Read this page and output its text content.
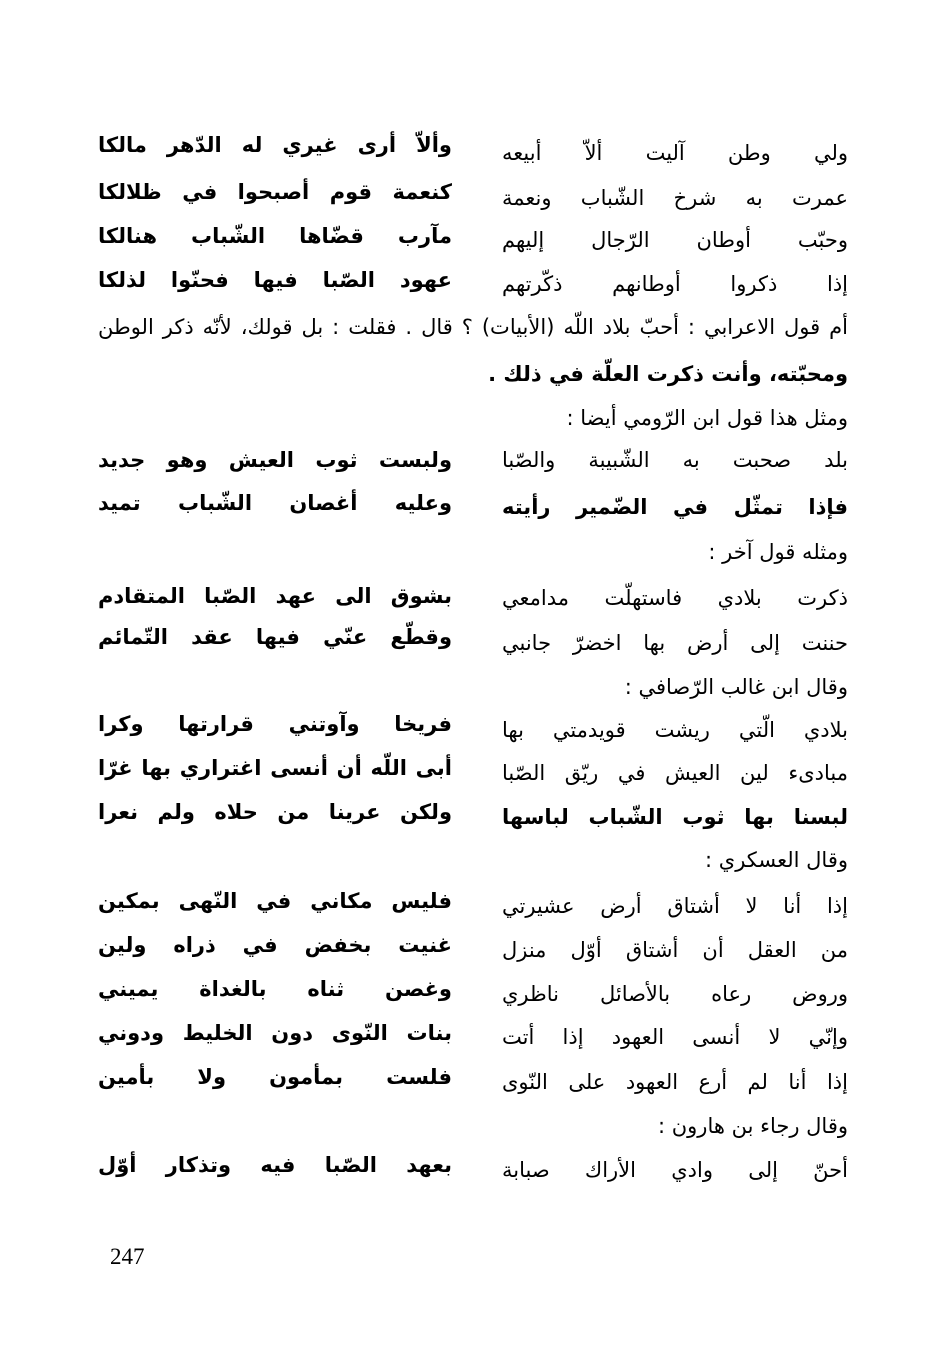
ولي وطن آليت ألاّ أبيعه
وألاّ أرى غيري له الدّهر مالكا
عمرت به شرخ الشّباب ونعمة
كنعمة قوم أصبحوا في ظلالكا
وحبّب أوطان الرّجال إليهم
مآرب قضّاها الشّباب هنالكا
إذا ذكروا أوطانهم ذكّرتهم
عهود الصّبا فيها فحنّوا لذلكا
أم قول الاعرابي : أحبّ بلاد اللّه (الأبيات) ؟ قال . فقلت : بل قولك، لأنّه ذكر الوطن
ومحبّته، وأنت ذكرت العلّة في ذلك .
ومثل هذا قول ابن الرّومي أيضا :
بلد صحبت به الشّبيبة والصّبا
ولبست ثوب العيش وهو جديد
فإذا تمثّل في الضّمير رأيته
وعليه أغصان الشّباب تميد
ومثله قول آخر :
ذكرت بلادي فاستهلّت مدامعي
بشوق الى عهد الصّبا المتقادم
حننت إلى أرض بها اخضرّ جانبي
وقطّع عنّي فيها عقد التّمائم
وقال ابن غالب الرّصافي :
بلادي الّتي ريشت قويدمتي بها
فريخا وآوتني قرارتها وكرا
مبادىء لين العيش في ريّق الصّبا
أبى اللّه أن أنسى اغتراري بها غرّا
لبسنا بها ثوب الشّباب لباسها
ولكن عرينا من حلاه ولم نعرا
وقال العسكري :
إذا أنا لا أشتاق أرض عشيرتي
فليس مكاني في النّهى بمكين
من العقل أن أشتاق أوّل منزل
غنيت بخفض في ذراه ولين
وروض رعاه بالأصائل ناظري
وغصن ثناه بالغداة يميني
وإنّي لا أنسى العهود إذا أتت
بنات النّوى دون الخليط ودوني
إذا أنا لم أرع العهود على النّوى
فلست بمأمون ولا بأمين
وقال رجاء بن هارون :
أحنّ إلى وادي الأراك صبابة
بعهد الصّبا فيه وتذكار أوّل
247
